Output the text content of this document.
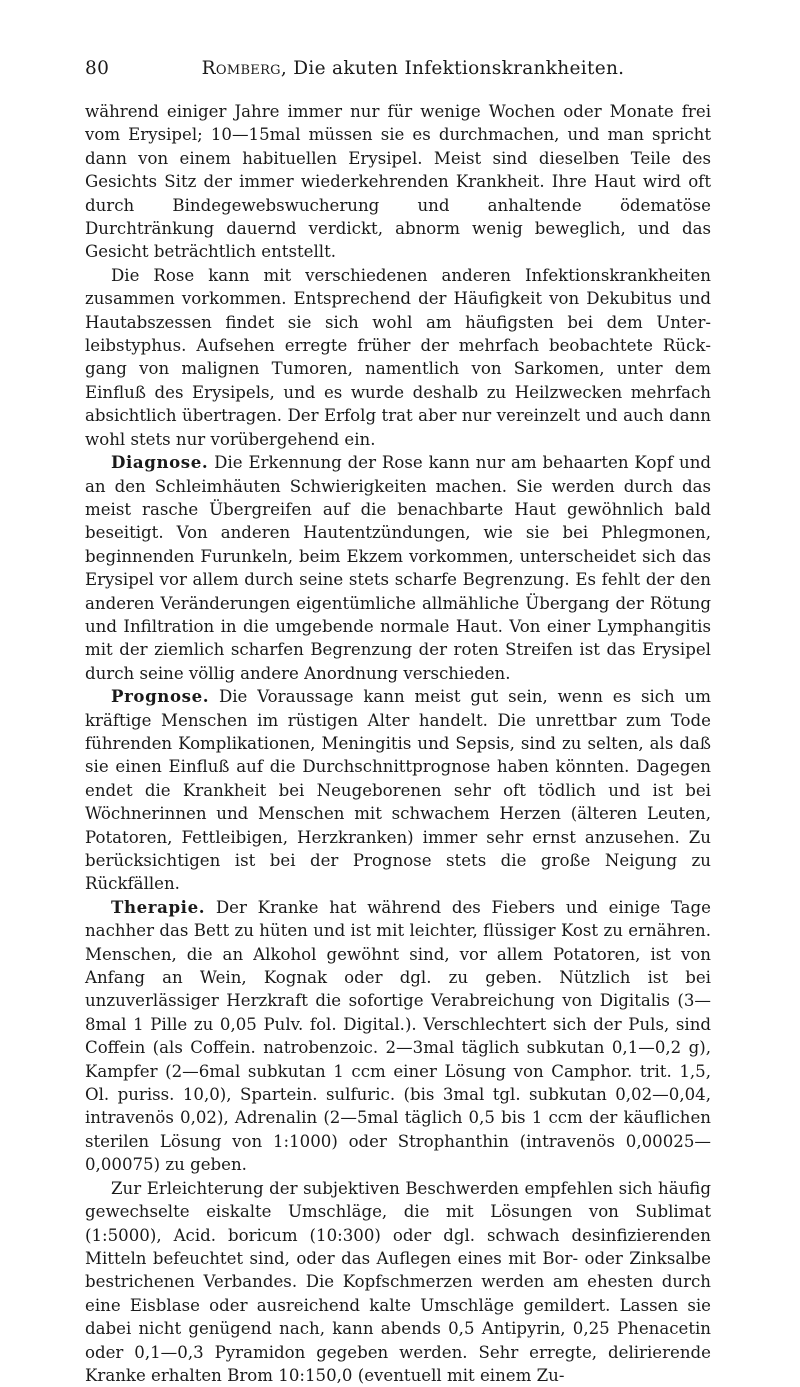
80	Romberg, Die akuten Infektionskrankheiten.

während einiger Jahre immer nur für wenige Wochen oder Monate frei vom Erysipel; 10—15mal müssen sie es durchmachen, und man spricht dann von einem habituellen Erysipel. Meist sind dieselben Teile des Gesichts Sitz der immer wiederkehrenden Krankheit. Ihre Haut wird oft durch Bindegewebswucherung und anhaltende ödematöse Durchtränkung dauernd verdickt, abnorm wenig beweglich, und das Gesicht beträchtlich entstellt.

Die Rose kann mit verschiedenen anderen Infektionskrankheiten zusammen vorkommen. Entsprechend der Häufigkeit von Dekubitus und Hautabszessen findet sie sich wohl am häufigsten bei dem Unterleibstyphus. Aufsehen erregte früher der mehrfach beobachtete Rückgang von malignen Tumoren, namentlich von Sarkomen, unter dem Einfluß des Erysipels, und es wurde deshalb zu Heilzwecken mehrfach absichtlich übertragen. Der Erfolg trat aber nur vereinzelt und auch dann wohl stets nur vorübergehend ein.

Diagnose. Die Erkennung der Rose kann nur am behaarten Kopf und an den Schleimhäuten Schwierigkeiten machen. Sie werden durch das meist rasche Übergreifen auf die benachbarte Haut gewöhnlich bald beseitigt. Von anderen Hautentzündungen, wie sie bei Phlegmonen, beginnenden Furunkeln, beim Ekzem vorkommen, unterscheidet sich das Erysipel vor allem durch seine stets scharfe Begrenzung. Es fehlt der den anderen Veränderungen eigentümliche allmähliche Übergang der Rötung und Infiltration in die umgebende normale Haut. Von einer Lymphangitis mit der ziemlich scharfen Begrenzung der roten Streifen ist das Erysipel durch seine völlig andere Anordnung verschieden.

Prognose. Die Voraussage kann meist gut sein, wenn es sich um kräftige Menschen im rüstigen Alter handelt. Die unrettbar zum Tode führenden Komplikationen, Meningitis und Sepsis, sind zu selten, als daß sie einen Einfluß auf die Durchschnittprognose haben könnten. Dagegen endet die Krankheit bei Neugeborenen sehr oft tödlich und ist bei Wöchnerinnen und Menschen mit schwachem Herzen (älteren Leuten, Potatoren, Fettleibigen, Herzkranken) immer sehr ernst anzusehen. Zu berücksichtigen ist bei der Prognose stets die große Neigung zu Rückfällen.

Therapie. Der Kranke hat während des Fiebers und einige Tage nachher das Bett zu hüten und ist mit leichter, flüssiger Kost zu ernähren. Menschen, die an Alkohol gewöhnt sind, vor allem Potatoren, ist von Anfang an Wein, Kognak oder dgl. zu geben. Nützlich ist bei unzuverlässiger Herzkraft die sofortige Verabreichung von Digitalis (3—8mal 1 Pille zu 0,05 Pulv. fol. Digital.). Verschlechtert sich der Puls, sind Coffein (als Coffein. natrobenzoic. 2—3mal täglich subkutan 0,1—0,2 g), Kampfer (2—6mal subkutan 1 ccm einer Lösung von Camphor. trit. 1,5, Ol. puriss. 10,0), Spartein. sulfuric. (bis 3mal tgl. subkutan 0,02—0,04, intravenös 0,02), Adrenalin (2—5mal täglich 0,5 bis 1 ccm der käuflichen sterilen Lösung von 1:1000) oder Strophanthin (intravenös 0,00025—0,00075) zu geben.

Zur Erleichterung der subjektiven Beschwerden empfehlen sich häufig gewechselte eiskalte Umschläge, die mit Lösungen von Sublimat (1:5000), Acid. boricum (10:300) oder dgl. schwach desinfizierenden Mitteln befeuchtet sind, oder das Auflegen eines mit Bor- oder Zinksalbe bestrichenen Verbandes. Die Kopfschmerzen werden am ehesten durch eine Eisblase oder ausreichend kalte Umschläge gemildert. Lassen sie dabei nicht genügend nach, kann abends 0,5 Antipyrin, 0,25 Phenacetin oder 0,1—0,3 Pyramidon gegeben werden. Sehr erregte, delirierende Kranke erhalten Brom 10:150,0 (eventuell mit einem Zu-
